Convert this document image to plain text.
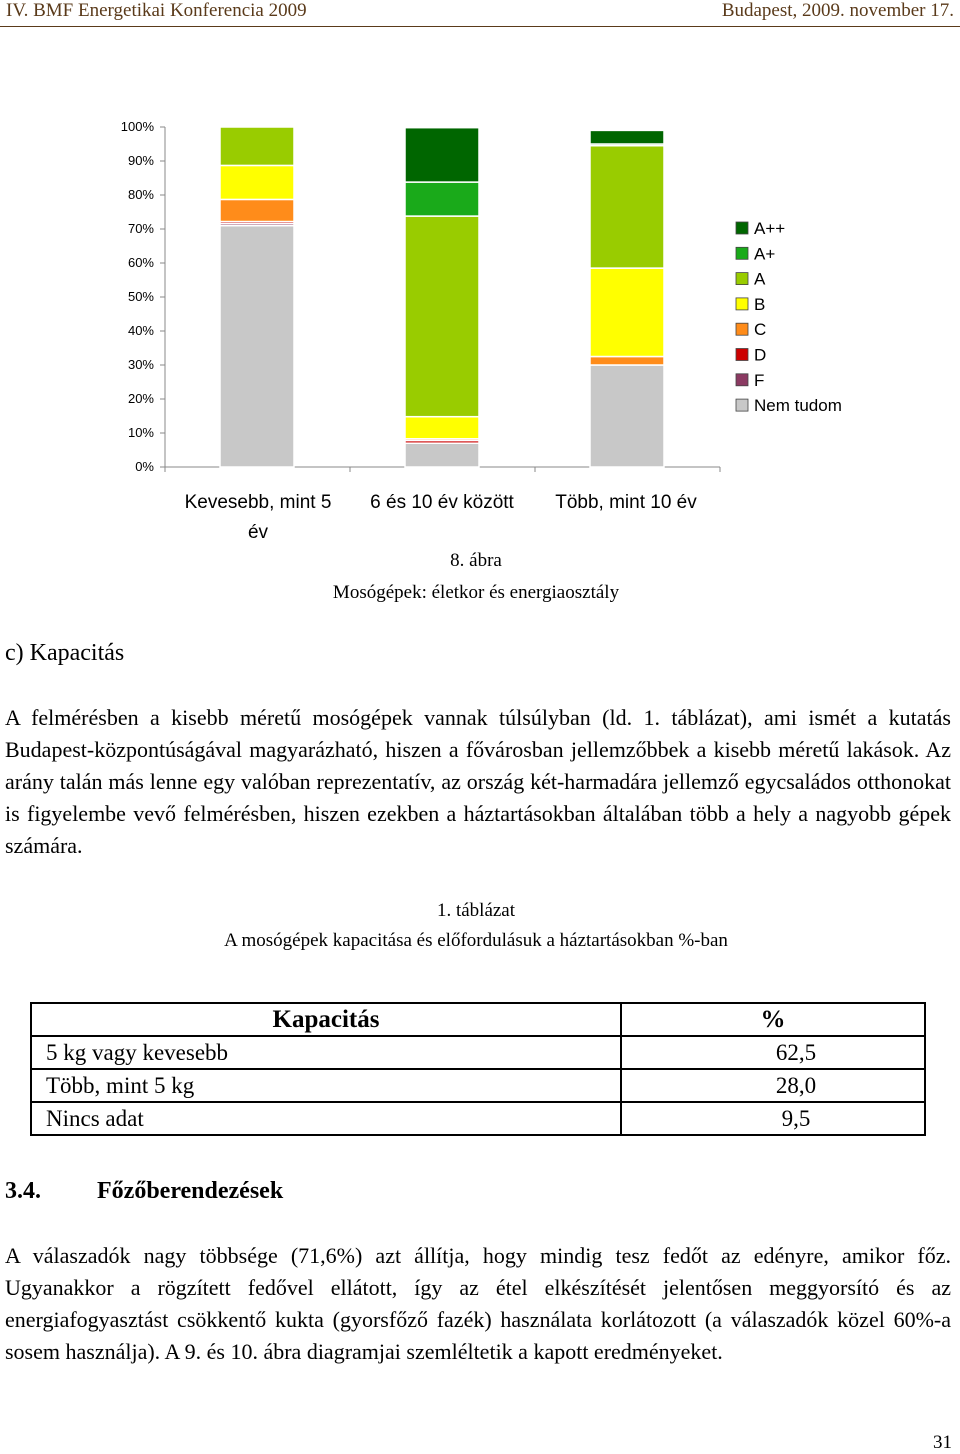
IV. BMF Energetikai Konferencia 2009	Budapest, 2009. november 17.
0%
10%
20%
30%
40%
50%
60%
70%
80%
90%
100%
Kevesebb, mint 5
év
6 és 10 év között Több, mint 10 év
A++
A+
A
B
C
D
F
Nem tudom
8. ábra
Mosógépek: életkor és energiaosztály
c) Kapacitás

A felmérésben a kisebb méretű mosógépek vannak túlsúlyban (ld. 1. táblázat), ami ismét a kutatás Budapest-központúságával magyarázható, hiszen a fővárosban jellemzőbbek a kisebb méretű lakások. Az arány talán más lenne egy valóban reprezentatív, az ország két-harmadára jellemző egycsaládos otthonokat is figyelembe vevő felmérésben, hiszen ezekben a háztartásokban általában több a hely a nagyobb gépek számára.

1. táblázat
A mosógépek kapacitása és előfordulásuk a háztartásokban %-ban
Kapacitás	%
5 kg vagy kevesebb	62,5
Több, mint 5 kg	28,0
Nincs adat	9,5
3.4. Főzőberendezések

A válaszadók nagy többsége (71,6%) azt állítja, hogy mindig tesz fedőt az edényre, amikor főz. Ugyanakkor a rögzített fedővel ellátott, így az étel elkészítését jelentősen meggyorsító és az energiafogyasztást csökkentő kukta (gyorsfőző fazék) használata korlátozott (a válaszadók közel 60%-a sosem használja). A 9. és 10. ábra diagramjai szemléltetik a kapott eredményeket.

31
